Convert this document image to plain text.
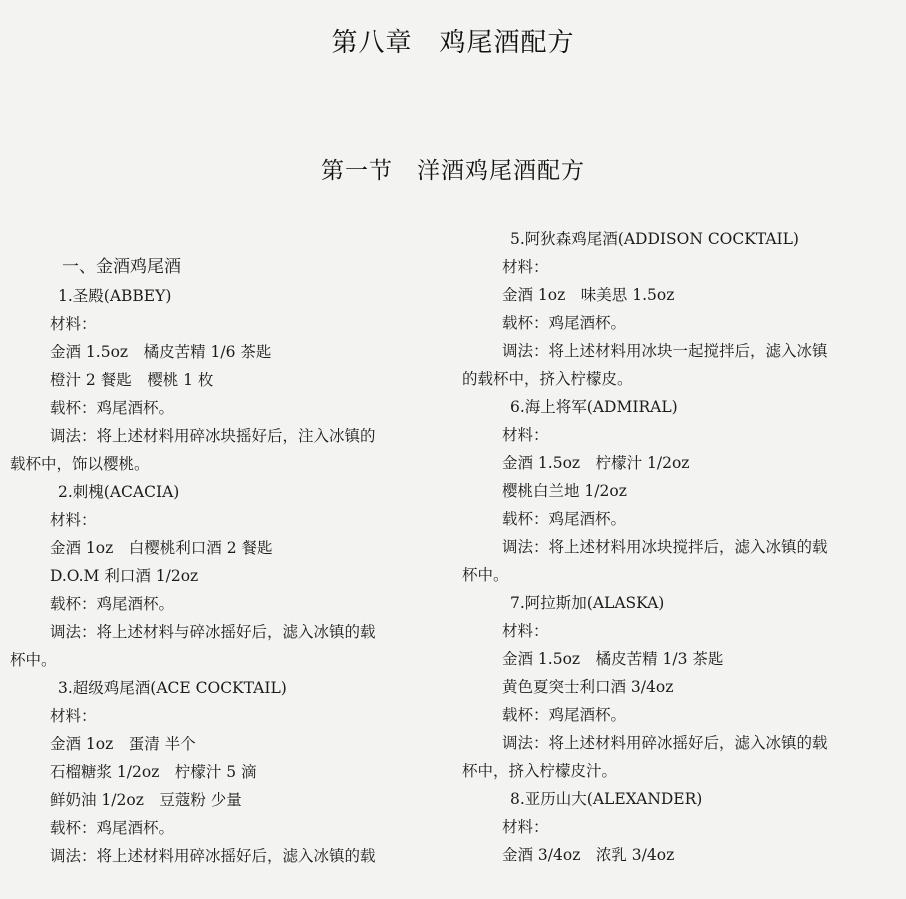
第八章　鸡尾酒配方
第一节　洋酒鸡尾酒配方
一、金酒鸡尾酒
1.圣殿(ABBEY)
材料：
金酒 1.5oz　橘皮苦精 1/6 茶匙
橙汁 2 餐匙　樱桃 1 枚
载杯：鸡尾酒杯。
调法：将上述材料用碎冰块摇好后，注入冰镇的
载杯中，饰以樱桃。
2.刺槐(ACACIA)
材料：
金酒 1oz　白樱桃利口酒 2 餐匙
D.O.M 利口酒 1/2oz
载杯：鸡尾酒杯。
调法：将上述材料与碎冰摇好后，滤入冰镇的载
杯中。
3.超级鸡尾酒(ACE COCKTAIL)
材料：
金酒 1oz　蛋清 半个
石榴糖浆 1/2oz　柠檬汁 5 滴
鲜奶油 1/2oz　豆蔻粉 少量
载杯：鸡尾酒杯。
调法：将上述材料用碎冰摇好后，滤入冰镇的载
5.阿狄森鸡尾酒(ADDISON COCKTAIL)
材料：
金酒 1oz　味美思 1.5oz
载杯：鸡尾酒杯。
调法：将上述材料用冰块一起搅拌后，滤入冰镇
的载杯中，挤入柠檬皮。
6.海上将军(ADMIRAL)
材料：
金酒 1.5oz　柠檬汁 1/2oz
樱桃白兰地 1/2oz
载杯：鸡尾酒杯。
调法：将上述材料用冰块搅拌后，滤入冰镇的载
杯中。
7.阿拉斯加(ALASKA)
材料：
金酒 1.5oz　橘皮苦精 1/3 茶匙
黄色夏突士利口酒 3/4oz
载杯：鸡尾酒杯。
调法：将上述材料用碎冰摇好后，滤入冰镇的载
杯中，挤入柠檬皮汁。
8.亚历山大(ALEXANDER)
材料：
金酒 3/4oz　浓乳 3/4oz
